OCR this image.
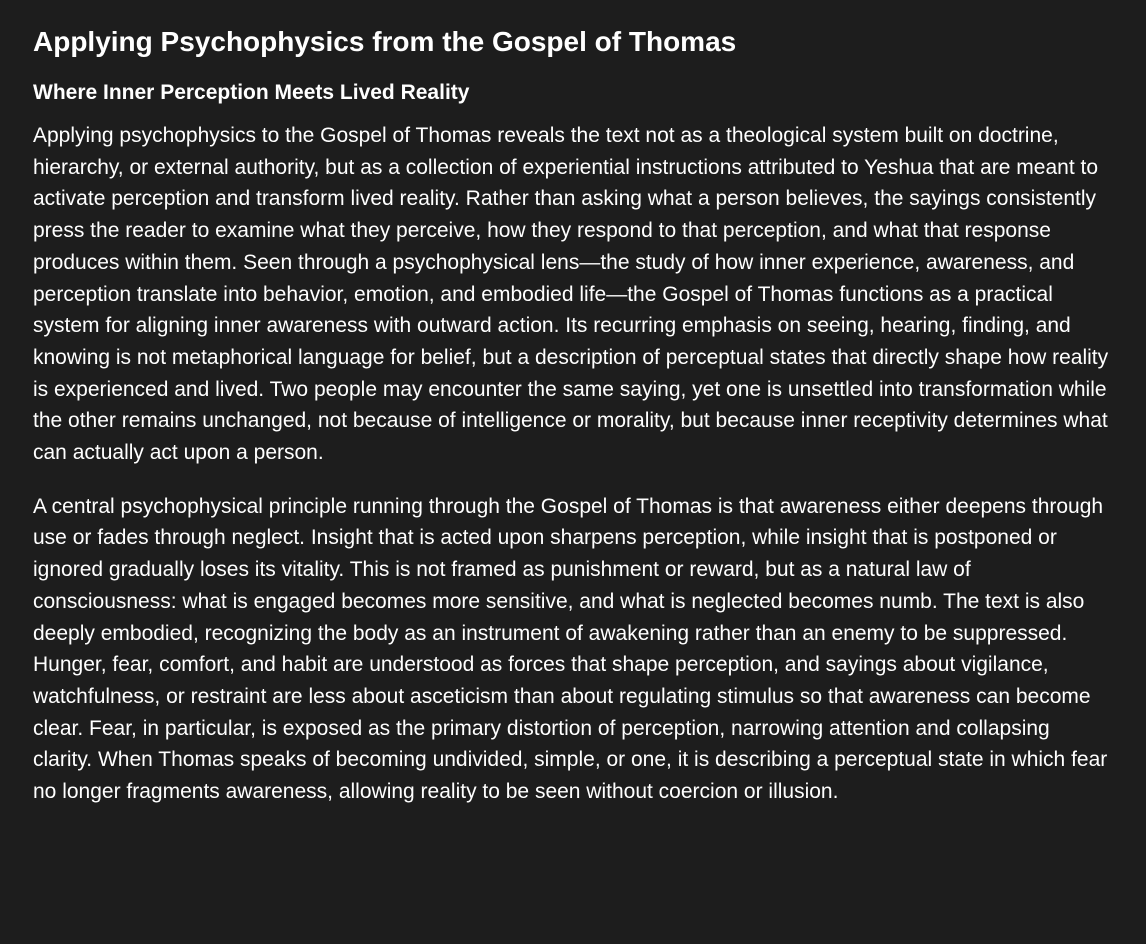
Applying Psychophysics from the Gospel of Thomas
Where Inner Perception Meets Lived Reality

Applying psychophysics to the Gospel of Thomas reveals the text not as a theological system built on doctrine, hierarchy, or external authority, but as a collection of experiential instructions attributed to Yeshua that are meant to activate perception and transform lived reality. Rather than asking what a person believes, the sayings consistently press the reader to examine what they perceive, how they respond to that perception, and what that response produces within them. Seen through a psychophysical lens—the study of how inner experience, awareness, and perception translate into behavior, emotion, and embodied life—the Gospel of Thomas functions as a practical system for aligning inner awareness with outward action. Its recurring emphasis on seeing, hearing, finding, and knowing is not metaphorical language for belief, but a description of perceptual states that directly shape how reality is experienced and lived. Two people may encounter the same saying, yet one is unsettled into transformation while the other remains unchanged, not because of intelligence or morality, but because inner receptivity determines what can actually act upon a person.

A central psychophysical principle running through the Gospel of Thomas is that awareness either deepens through use or fades through neglect. Insight that is acted upon sharpens perception, while insight that is postponed or ignored gradually loses its vitality. This is not framed as punishment or reward, but as a natural law of consciousness: what is engaged becomes more sensitive, and what is neglected becomes numb. The text is also deeply embodied, recognizing the body as an instrument of awakening rather than an enemy to be suppressed. Hunger, fear, comfort, and habit are understood as forces that shape perception, and sayings about vigilance, watchfulness, or restraint are less about asceticism than about regulating stimulus so that awareness can become clear. Fear, in particular, is exposed as the primary distortion of perception, narrowing attention and collapsing clarity. When Thomas speaks of becoming undivided, simple, or one, it is describing a perceptual state in which fear no longer fragments awareness, allowing reality to be seen without coercion or illusion.
